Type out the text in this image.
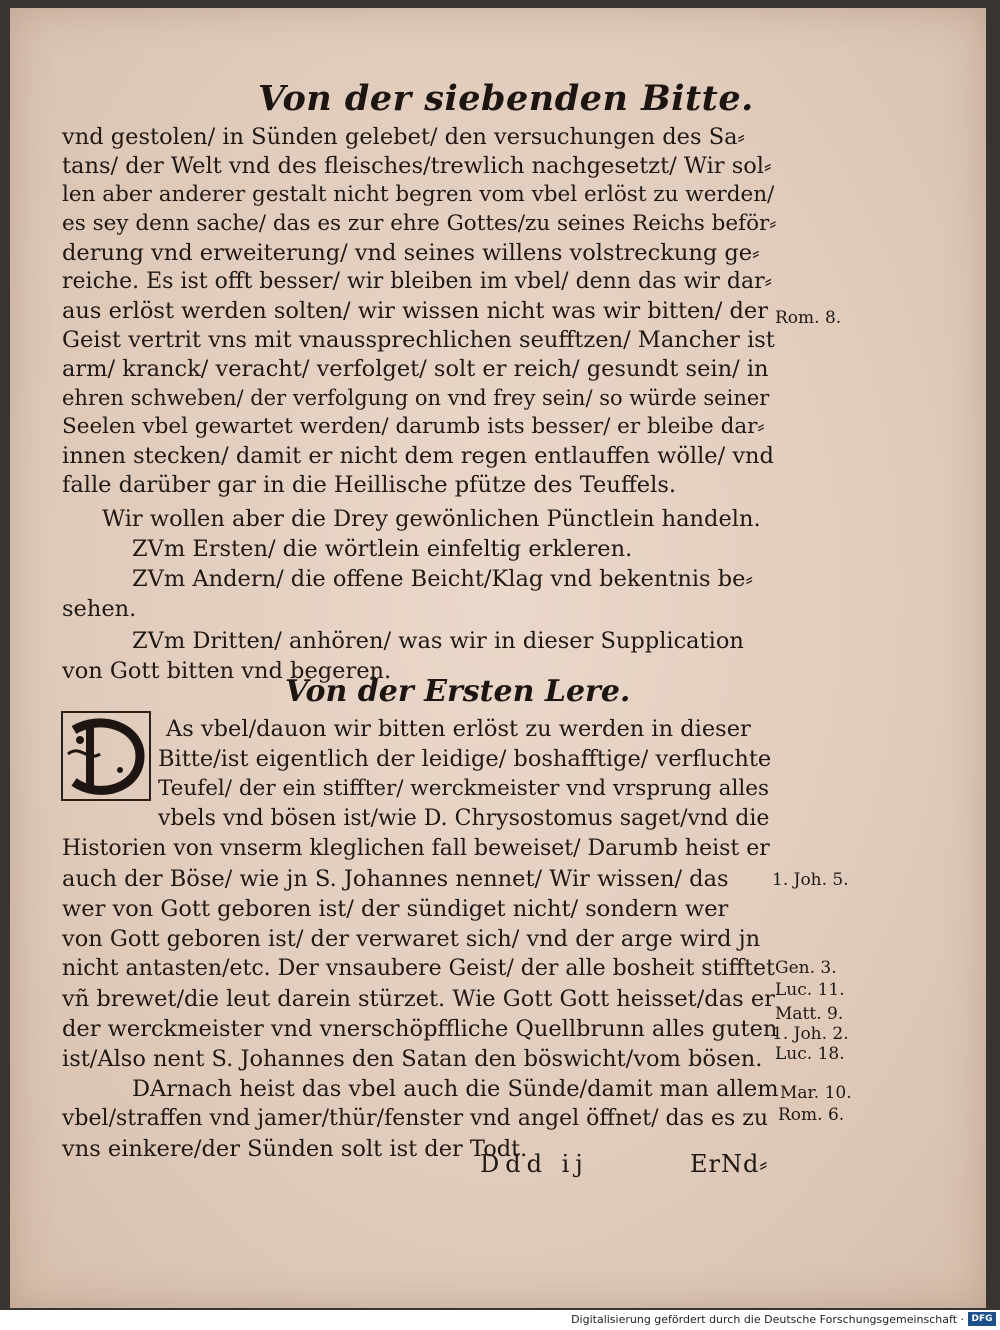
Von der siebenden Bitte.
vnd gestolen/ in Sünden gelebet/ den versuchungen des Sa⸗
tans/ der Welt vnd des fleisches/trewlich nachgesetzt/ Wir sol⸗
len aber anderer gestalt nicht begren vom vbel erlöst zu werden/
es sey denn sache/ das es zur ehre Gottes/zu seines Reichs beför⸗
derung vnd erweiterung/ vnd seines willens volstreckung ge⸗
reiche. Es ist offt besser/ wir bleiben im vbel/ denn das wir dar⸗
aus erlöst werden solten/ wir wissen nicht was wir bitten/ der
Geist vertrit vns mit vnaussprechlichen seufftzen/ Mancher ist
arm/ kranck/ veracht/ verfolget/ solt er reich/ gesundt sein/ in
ehren schweben/ der verfolgung on vnd frey sein/ so würde seiner
Seelen vbel gewartet werden/ darumb ists besser/ er bleibe dar⸗
innen stecken/ damit er nicht dem regen entlauffen wölle/ vnd
falle darüber gar in die Heillische pfütze des Teuffels.
Wir wollen aber die Drey gewönlichen Pünctlein handeln.
ZVm Ersten/ die wörtlein einfeltig erkleren.
ZVm Andern/ die offene Beicht/Klag vnd bekentnis be⸗
sehen.
ZVm Dritten/ anhören/ was wir in dieser Supplication
von Gott bitten vnd begeren.
Von der Ersten Lere.
As vbel/dauon wir bitten erlöst zu werden in dieser
Bitte/ist eigentlich der leidige/ boshafftige/ verfluchte
Teufel/ der ein stiffter/ werckmeister vnd vrsprung alles
vbels vnd bösen ist/wie D. Chrysostomus saget/vnd die
Historien von vnserm kleglichen fall beweiset/ Darumb heist er
auch der Böse/ wie jn S. Johannes nennet/ Wir wissen/ das
wer von Gott geboren ist/ der sündiget nicht/ sondern wer
von Gott geboren ist/ der verwaret sich/ vnd der arge wird jn
nicht antasten/etc. Der vnsaubere Geist/ der alle bosheit stifftet
vñ brewet/die leut darein stürzet. Wie Gott Gott heisset/das er
der werckmeister vnd vnerschöpffliche Quellbrunn alles guten
ist/Also nent S. Johannes den Satan den böswicht/vom bösen.
DArnach heist das vbel auch die Sünde/damit man allem
vbel/straffen vnd jamer/thür/fenster vnd angel öffnet/ das es zu
vns einkere/der Sünden solt ist der Todt.
Rom. 8.
1. Joh. 5.
Gen. 3.
Luc. 11.
Matt. 9.
1. Joh. 2.
Luc. 18.
Mar. 10.
Rom. 6.
Ddd ij	ErNd⸗
Digitalisierung gefördert durch die Deutsche Forschungsgemeinschaft · DFG
